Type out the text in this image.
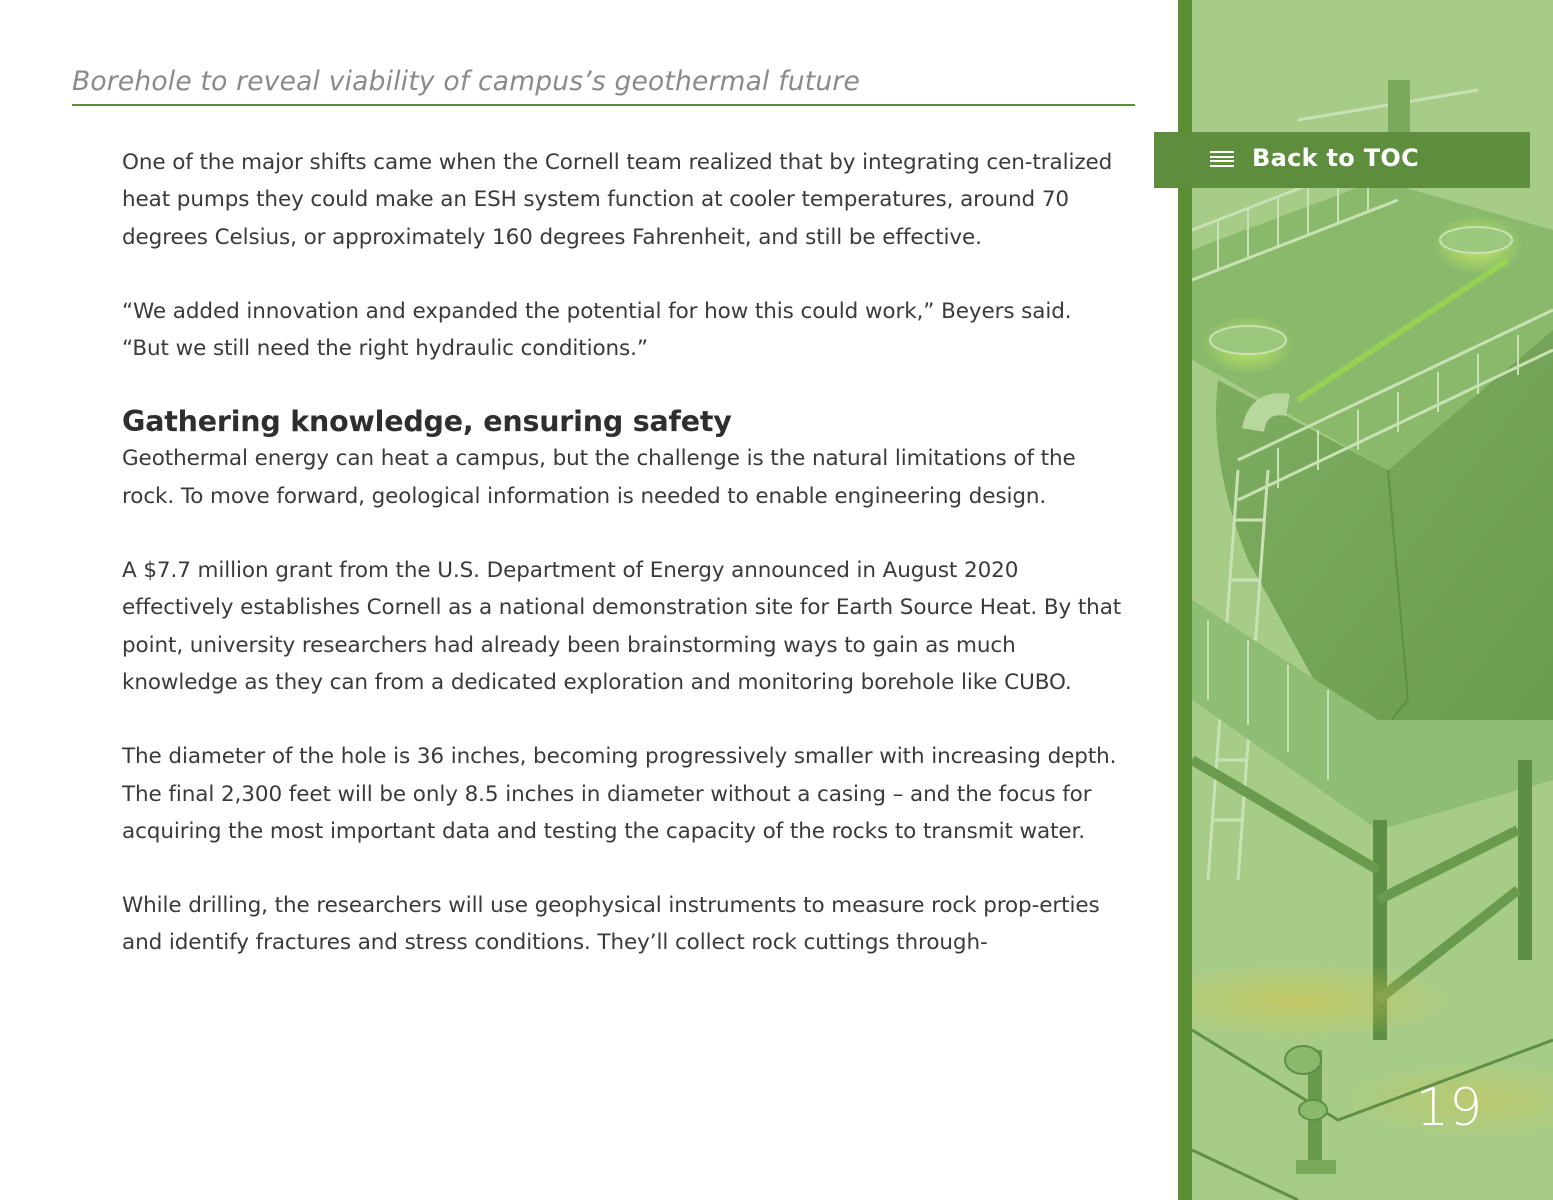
Borehole to reveal viability of campus’s geothermal future

One of the major shifts came when the Cornell team realized that by integrating cen-tralized heat pumps they could make an ESH system function at cooler temperatures, around 70 degrees Celsius, or approximately 160 degrees Fahrenheit, and still be effective.

“We added innovation and expanded the potential for how this could work,” Beyers said. “But we still need the right hydraulic conditions.”

Gathering knowledge, ensuring safety

Geothermal energy can heat a campus, but the challenge is the natural limitations of the rock. To move forward, geological information is needed to enable engineering design.

A $7.7 million grant from the U.S. Department of Energy announced in August 2020 effectively establishes Cornell as a national demonstration site for Earth Source Heat. By that point, university researchers had already been brainstorming ways to gain as much knowledge as they can from a dedicated exploration and monitoring borehole like CUBO.

The diameter of the hole is 36 inches, becoming progressively smaller with increasing depth. The final 2,300 feet will be only 8.5 inches in diameter without a casing – and the focus for acquiring the most important data and testing the capacity of the rocks to transmit water.

While drilling, the researchers will use geophysical instruments to measure rock prop-erties and identify fractures and stress conditions. They’ll collect rock cuttings through-

Back to TOC
19
